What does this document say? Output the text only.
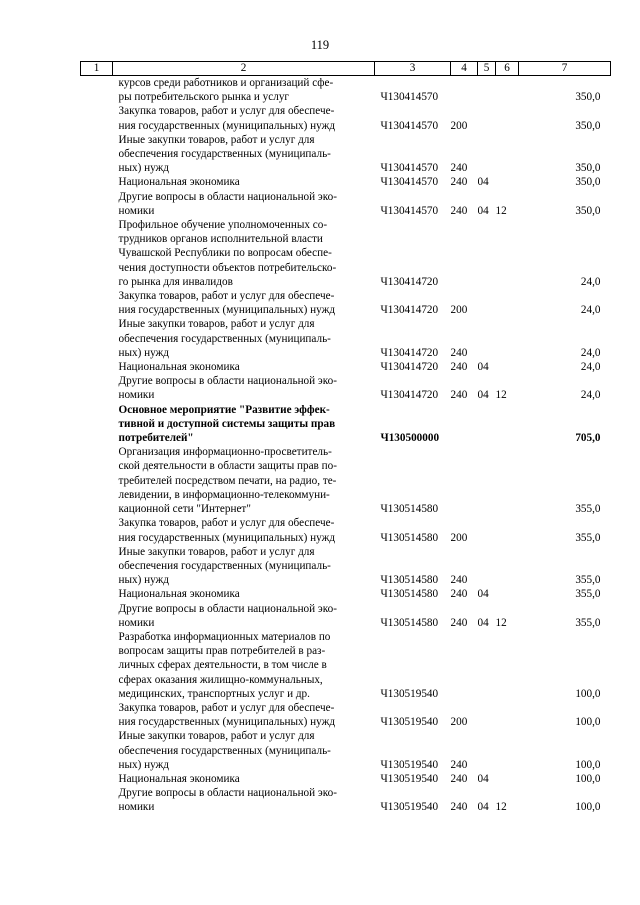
119
1	2	3	4	5	6	7

	курсов среди работников и организаций сфе-
ры потребительского рынка и услуг	Ч130414570				350,0

	Закупка товаров, работ и услуг для обеспече-
ния государственных (муниципальных) нужд	Ч130414570	200			350,0

	Иные закупки товаров, работ и услуг для
обеспечения государственных (муниципаль-
ных) нужд	Ч130414570	240			350,0

	Национальная экономика	Ч130414570	240	04		350,0

	Другие вопросы в области национальной эко-
номики	Ч130414570	240	04	12	350,0

	Профильное обучение уполномоченных со-
трудников органов исполнительной власти
Чувашской Республики по вопросам обеспе-
чения доступности объектов потребительско-
го рынка для инвалидов	Ч130414720				24,0

	Закупка товаров, работ и услуг для обеспече-
ния государственных (муниципальных) нужд	Ч130414720	200			24,0

	Иные закупки товаров, работ и услуг для
обеспечения государственных (муниципаль-
ных) нужд	Ч130414720	240			24,0

	Национальная экономика	Ч130414720	240	04		24,0

	Другие вопросы в области национальной эко-
номики	Ч130414720	240	04	12	24,0

	Основное мероприятие "Развитие эффек-
тивной и доступной системы защиты прав
потребителей"	Ч130500000				705,0

	Организация информационно-просветитель-
ской деятельности в области защиты прав по-
требителей посредством печати, на радио, те-
левидении, в информационно-телекоммуни-
кационной сети "Интернет"	Ч130514580				355,0

	Закупка товаров, работ и услуг для обеспече-
ния государственных (муниципальных) нужд	Ч130514580	200			355,0

	Иные закупки товаров, работ и услуг для
обеспечения государственных (муниципаль-
ных) нужд	Ч130514580	240			355,0

	Национальная экономика	Ч130514580	240	04		355,0

	Другие вопросы в области национальной эко-
номики	Ч130514580	240	04	12	355,0

	Разработка информационных материалов по
вопросам защиты прав потребителей в раз-
личных сферах деятельности, в том числе в
сферах оказания жилищно-коммунальных,
медицинских, транспортных услуг и др.	Ч130519540				100,0

	Закупка товаров, работ и услуг для обеспече-
ния государственных (муниципальных) нужд	Ч130519540	200			100,0

	Иные закупки товаров, работ и услуг для
обеспечения государственных (муниципаль-
ных) нужд	Ч130519540	240			100,0

	Национальная экономика	Ч130519540	240	04		100,0

	Другие вопросы в области национальной эко-
номики	Ч130519540	240	04	12	100,0
